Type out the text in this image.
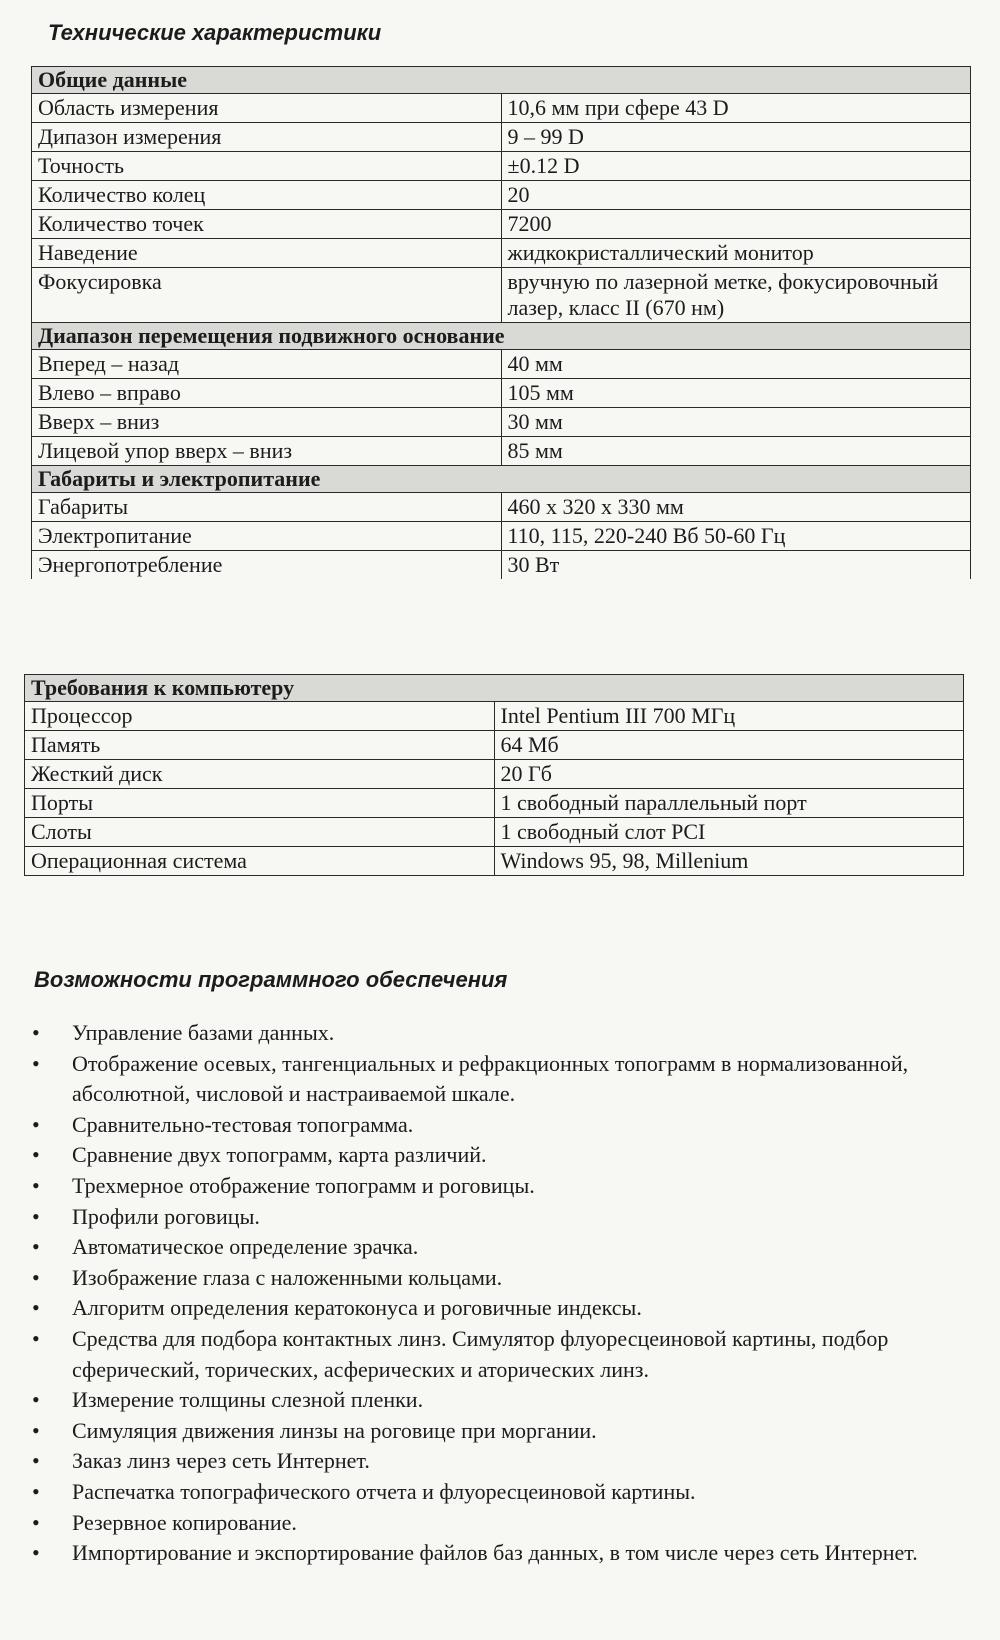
Технические характеристики
Общие данные	
Область измерения	10,6 мм при сфере 43 D
Дипазон измерения	9 – 99 D
Точность	±0.12 D
Количество колец	20
Количество точек	7200
Наведение	жидкокристаллический монитор
Фокусировка	вручную по лазерной метке, фокусировочный лазер, класс II (670 нм)
Диапазон перемещения подвижного основание	
Вперед – назад	40 мм
Влево – вправо	105 мм
Вверх – вниз	30 мм
Лицевой упор вверх – вниз	85 мм
Габариты и электропитание	
Габариты	460 x 320 x 330 мм
Электропитание	110, 115, 220-240 Вб 50-60 Гц
Энергопотребление	30 Вт
Требования к компьютеру	
Процессор	Intel Pentium III 700 МГц
Память	64 Мб
Жесткий диск	20 Гб
Порты	1 свободный параллельный порт
Слоты	1 свободный слот PCI
Операционная система	Windows 95, 98, Millenium
Возможности программного обеспечения
• Управление базами данных.
• Отображение осевых, тангенциальных и рефракционных топограмм в нормализованной, абсолютной, числовой и настраиваемой шкале.
• Сравнительно-тестовая топограмма.
• Сравнение двух топограмм, карта различий.
• Трехмерное отображение топограмм и роговицы.
• Профили роговицы.
• Автоматическое определение зрачка.
• Изображение глаза с наложенными кольцами.
• Алгоритм определения кератоконуса и роговичные индексы.
• Средства для подбора контактных линз. Симулятор флуоресцеиновой картины, подбор сферический, торических, асферических и аторических линз.
• Измерение толщины слезной пленки.
• Симуляция движения линзы на роговице при моргании.
• Заказ линз через сеть Интернет.
• Распечатка топографического отчета и флуоресцеиновой картины.
• Резервное копирование.
• Импортирование и экспортирование файлов баз данных, в том числе через сеть Интернет.
